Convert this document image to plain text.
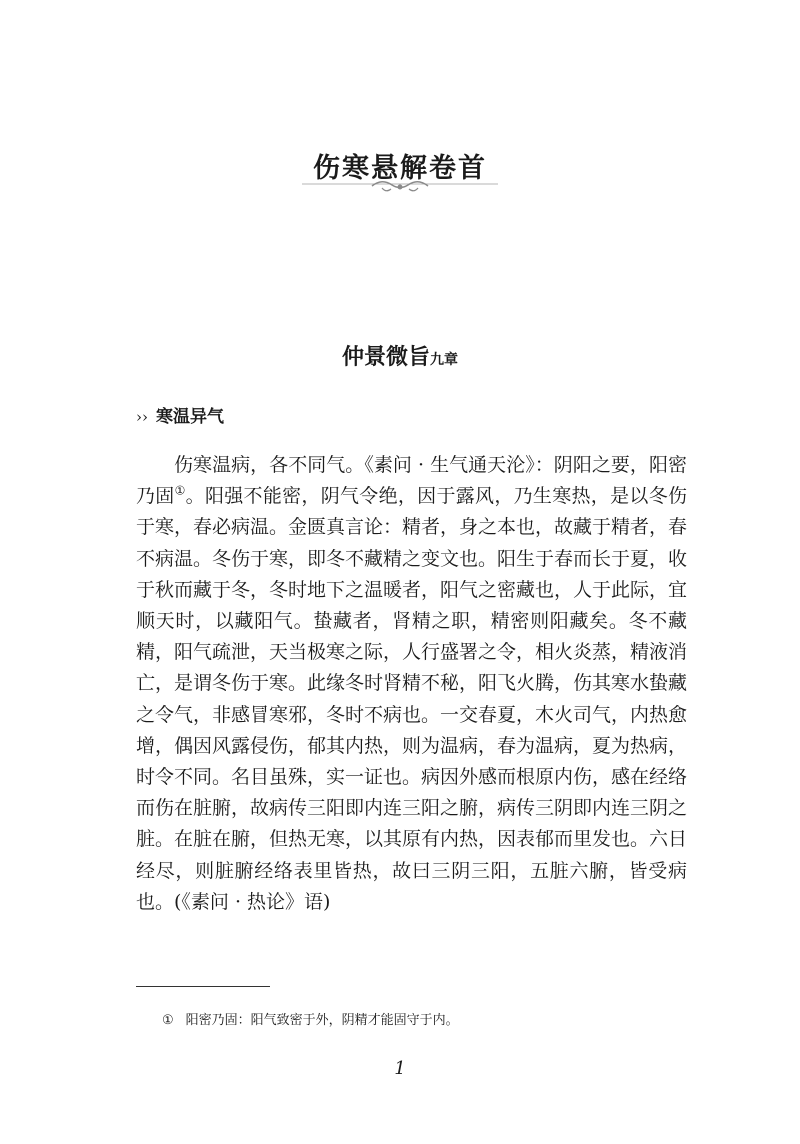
伤寒悬解卷首
仲景微旨九章
›› 寒温异气

伤寒温病，各不同气。《素问 · 生气通天沦》：阴阳之要，阳密乃固①。阳强不能密，阴气令绝，因于露风，乃生寒热，是以冬伤于寒，春必病温。金匮真言论：精者，身之本也，故藏于精者，春不病温。冬伤于寒，即冬不藏精之变文也。阳生于春而长于夏，收于秋而藏于冬，冬时地下之温暖者，阳气之密藏也，人于此际，宜顺天时，以藏阳气。蛰藏者，肾精之职，精密则阳藏矣。冬不藏精，阳气疏泄，天当极寒之际，人行盛署之令，相火炎蒸，精液消亡，是谓冬伤于寒。此缘冬时肾精不秘，阳飞火腾，伤其寒水蛰藏之令气，非感冒寒邪，冬时不病也。一交春夏，木火司气，内热愈增，偶因风露侵伤，郁其内热，则为温病，春为温病，夏为热病，时令不同。名目虽殊，实一证也。病因外感而根原内伤，感在经络而伤在脏腑，故病传三阳即内连三阳之腑，病传三阴即内连三阴之脏。在脏在腑，但热无寒，以其原有内热，因表郁而里发也。六日经尽，则脏腑经络表里皆热，故曰三阴三阳，五脏六腑，皆受病也。(《素问 · 热论》语)

① 阳密乃固：阳气致密于外，阴精才能固守于内。

1
